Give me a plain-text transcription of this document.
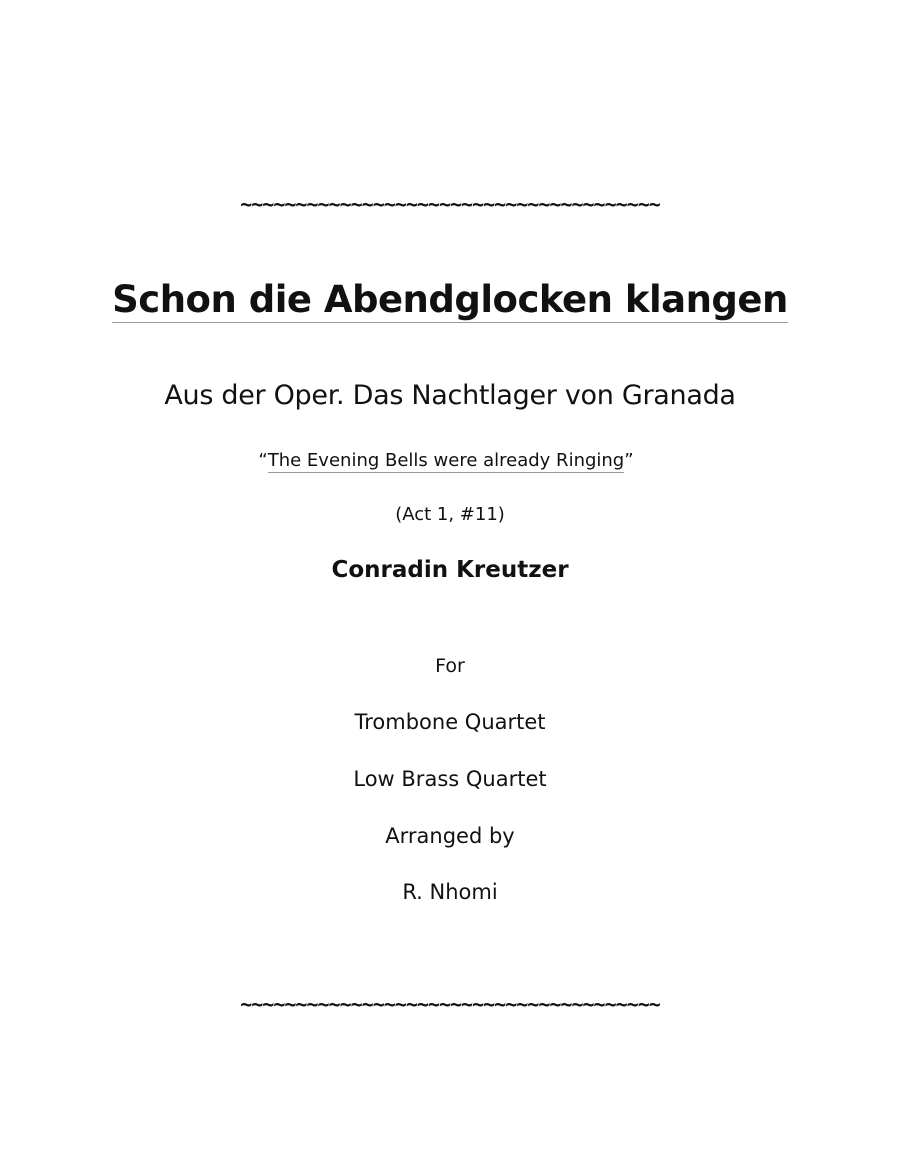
~~~~~~~~~~~~~~~~~~~~~~~~~~~~~~~~~~~~~~
Schon die Abendglocken klangen
Aus der Oper. Das Nachtlager von Granada
“The Evening Bells were already Ringing”
(Act 1, #11)
Conradin Kreutzer
For
Trombone Quartet
Low Brass Quartet
Arranged by
R. Nhomi
~~~~~~~~~~~~~~~~~~~~~~~~~~~~~~~~~~~~~~
